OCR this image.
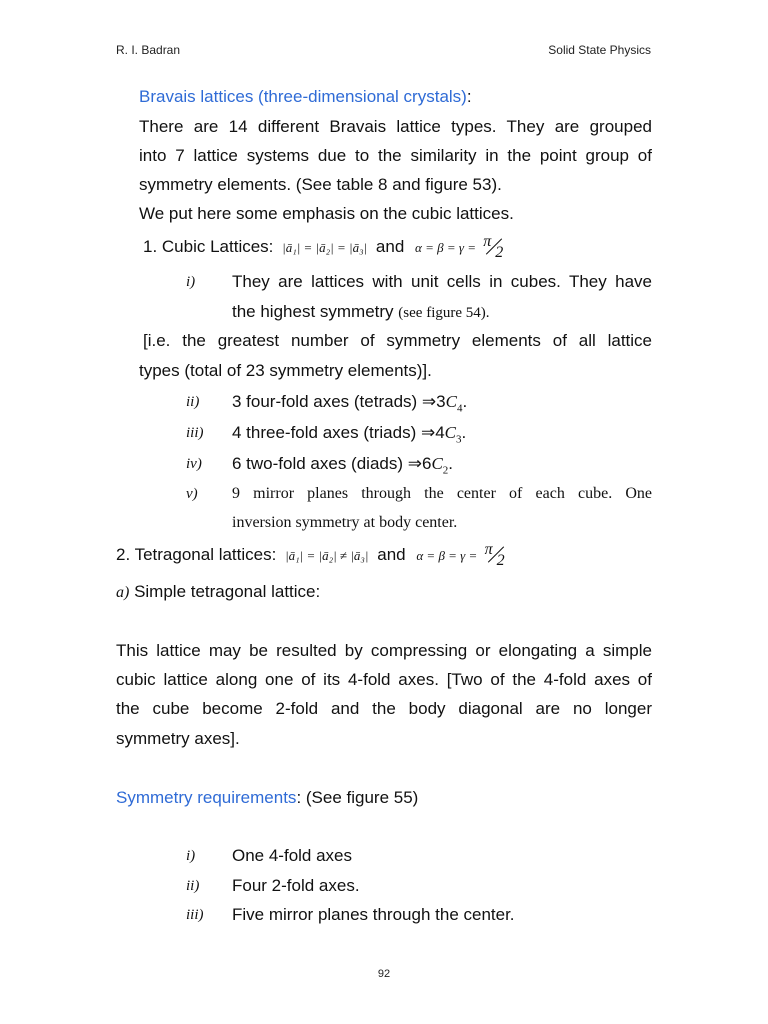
R. I. Badran	Solid State Physics
Bravais lattices (three-dimensional crystals):
There are 14 different Bravais lattice types. They are grouped
into 7 lattice systems due to the similarity in the point group of
symmetry elements. (See table 8 and figure 53).
We put here some emphasis on the cubic lattices.
1. Cubic Lattices: |ā₁| = |ā₂| = |ā₃| and α = β = γ = π
2
i) They are lattices with unit cells in cubes. They have
the highest symmetry (see figure 54).
[i.e. the greatest number of symmetry elements of all lattice
types (total of 23 symmetry elements)].
ii) 3 four-fold axes (tetrads) $\Rightarrow 3C_4$.
iii) 4 three-fold axes (triads) $\Rightarrow 4C_3$.
iv) 6 two-fold axes (diads) $\Rightarrow 6C_2$.
v) 9 mirror planes through the center of each cube. One
inversion symmetry at body center.
2. Tetragonal lattices: |ā₁| = |ā₂| ≠ |ā₃| and α = β = γ = π
2
a) Simple tetragonal lattice:
This lattice may be resulted by compressing or elongating a simple
cubic lattice along one of its 4-fold axes. [Two of the 4-fold axes of
the cube become 2-fold and the body diagonal are no longer
symmetry axes].
Symmetry requirements: (See figure 55)
i) One 4-fold axes
ii) Four 2-fold axes.
iii) Five mirror planes through the center.
92
